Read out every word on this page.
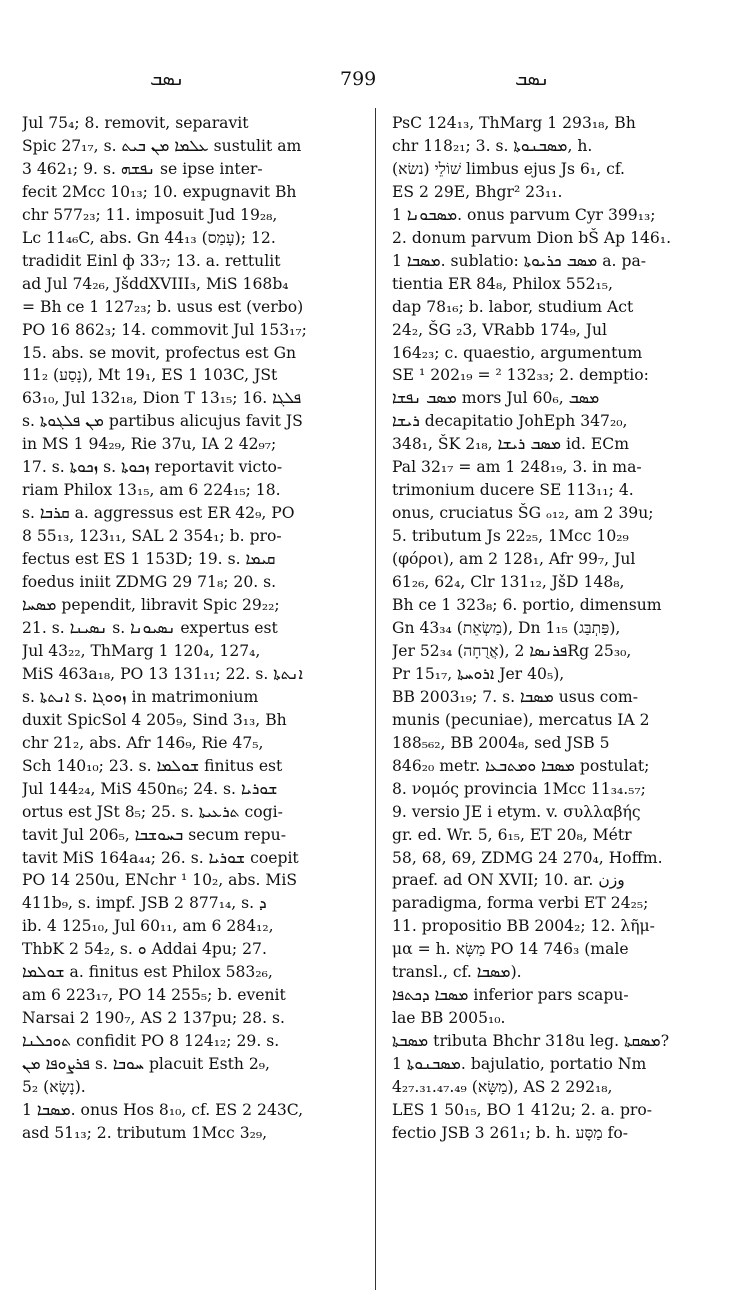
ܢܣܒ	799	ܢܣܒ

Jul 75₄; 8. removit, separavit

Spic 27₁₇, s. ܥܠܡܐ ܡܢ ܒܝܬ sustulit am

3 462₁; 9. s. ܢܦܫܗ se ipse inter-

fecit 2Mcc 10₁₃; 10. expugnavit Bh

chr 577₂₃; 11. imposuit Jud 19₂₈,

Lc 11₄₆C, abs. Gn 44₁₃ (עָמַס); 12.

tradidit Einl ф 33₇; 13. a. rettulit

ad Jul 74₂₆, JšddXVIII₃, MiS 168b₄

= Bh ce 1 127₂₃; b. usus est (verbo)

PO 16 862₃; 14. commovit Jul 153₁₇;

15. abs. se movit, profectus est Gn

11₂ (נָסַע), Mt 19₁, ES 1 103C, JSt

63₁₀, Jul 132₁₈, Dion T 13₁₅; 16. ܦܠܓܐ

s. ܡܢ ܦܠܓܘܬܐ partibus alicujus favit JS

in MS 1 94₂₉, Rie 37u, IA 2 42₉₇;

17. s. ܙܟܘܬܐ s. ܙܟܘܬܐ reportavit victo-

riam Philox 13₁₅, am 6 224₁₅; 18.

s. ܩܪܒܐ a. aggressus est ER 42₉, PO

8 55₁₃, 123₁₁, SAL 2 354₁; b. pro-

fectus est ES 1 153D; 19. s. ܩܝܡܐ

foedus iniit ZDMG 29 71₈; 20. s.

ܡܣܚܐ pependit, libravit Spic 29₂₂;

21. s. ܢܣܝܢܐ s. ܢܣܝܘܢܐ expertus est

Jul 43₂₂, ThMarg 1 120₄, 127₄,

MiS 463a₁₈, PO 13 131₁₁; 22. s. ܐܢܬܬܐ

s. ܐܢܬܬܐ s. ܙܘܘܓܐ in matrimonium

duxit SpicSol 4 205₉, Sind 3₁₃, Bh

chr 21₂, abs. Afr 146₉, Rie 47₅,

Sch 140₁₀; 23. s. ܫܘܠܡܐ finitus est

Jul 144₂₄, MiS 450n₆; 24. s. ܫܘܪܝܐ

ortus est JSt 8₅; 25. s. ܬܪܥܝܬܐ cogi-

tavit Jul 206₅, ܒܚܘܫܒܐ secum repu-

tavit MiS 164a₄₄; 26. s. ܫܘܪܝܐ coepit

PO 14 250u, ENchr ¹ 10₂, abs. MiS

411b₉, s. impf. JSB 2 877₁₄, s. ܕ

ib. 4 125₁₀, Jul 60₁₁, am 6 284₁₂,

ThbK 2 54₂, s. ܘ Addai 4pu; 27.

ܫܘܠܡܐ a. finitus est Philox 583₂₆,

am 6 223₁₇, PO 14 255₅; b. evenit

Narsai 2 190₇, AS 2 137pu; 28. s.

ܬܘܟܠܢܐ confidit PO 8 124₁₂; 29. s.

ܦܪܨܘܦܐ ܡܢ s. ܚܘܒܐ placuit Esth 2₉,

5₂ (נָשָׂא).

ܡܣܒܐ 1. onus Hos 8₁₀, cf. ES 2 243C,

asd 51₁₃; 2. tributum 1Mcc 3₂₉,

PsC 124₁₃, ThMarg 1 293₁₈, Bh

chr 118₂₁; 3. s. ܡܣܒܢܘܬܐ, h.

שׁוֹלֵי (נשׂא) limbus ejus Js 6₁, cf.

ES 2 29E, Bhgr² 23₁₁.

ܡܣܒܘܢܐ 1. onus parvum Cyr 399₁₃;

2. donum parvum Dion bŠ Ap 146₁.

ܡܣܒܐ 1. sublatio: ܡܣܒ ܟܪܝܘܬܐ a. pa-

tientia ER 84₈, Philox 552₁₅,

dap 78₁₆; b. labor, studium Act

24₂, ŠG ₂3, VRabb 174₉, Jul

164₂₃; c. quaestio, argumentum

SE ¹ 202₁₉ = ² 132₃₃; 2. demptio:

ܡܣܒ ܢܦܫܐ mors Jul 60₆, ܡܣܒ

ܪܝܫܐ decapitatio JohEph 347₂₀,

348₁, ŠK 2₁₈, ܡܣܒ ܪܝܫܐ id. ECm

Pal 32₁₇ = am 1 248₁₉, 3. in ma-

trimonium ducere SE 113₁₁; 4.

onus, cruciatus ŠG ₒ₁₂, am 2 39u;

5. tributum Js 22₂₅, 1Mcc 10₂₉

(φόροι), am 2 128₁, Afr 99₇, Jul

61₂₆, 62₄, Clr 131₁₂, JšD 148₈,

Bh ce 1 323₈; 6. portio, dimensum

Gn 43₃₄ (מַשְׂאֵת), Dn 1₁₅ (פַּתְבַּג),

Jer 52₃₄ (אֲרֻחָה), ܦܪܢܣܐ 2Rg 25₃₀,

Pr 15₁₇, ܐܪܘܚܬܐ Jer 40₅),

BB 2003₁₉; 7. s. ܡܣܒܐ usus com-

munis (pecuniae), mercatus IA 2

188₅₆₂, BB 2004₈, sed JSB 5

846₂₀ metr. ܡܣܒܐ ܘܡܬܒܥܐ postulat;

8. νομός provincia 1Mcc 11₃₄.₅₇;

9. versio JE i etym. v. συλλαβής

gr. ed. Wr. 5, 6₁₅, ET 20₈, Métr

58, 68, 69, ZDMG 24 270₄, Hoffm.

praef. ad ON XVII; 10. ar. وزن

paradigma, forma verbi ET 24₂₅;

11. propositio BB 2004₂; 12. λῆμ-

μα = h. מַשָּׂא PO 14 746₃ (male

transl., cf. ܡܣܒܐ).

ܡܣܒܐ ܕܟܬܦܐ inferior pars scapu-

lae BB 2005₁₀.

ܡܣܒܬܐ tributa Bhchr 318u leg. ܡܣܩܬܐ?

ܡܣܒܢܘܬܐ 1. bajulatio, portatio Nm

4₂₇.₃₁.₄₇.₄₉ (מַשָּׂא), AS 2 292₁₈,

LES 1 50₁₅, BO 1 412u; 2. a. pro-

fectio JSB 3 261₁; b. h. מַסָּע fo-
